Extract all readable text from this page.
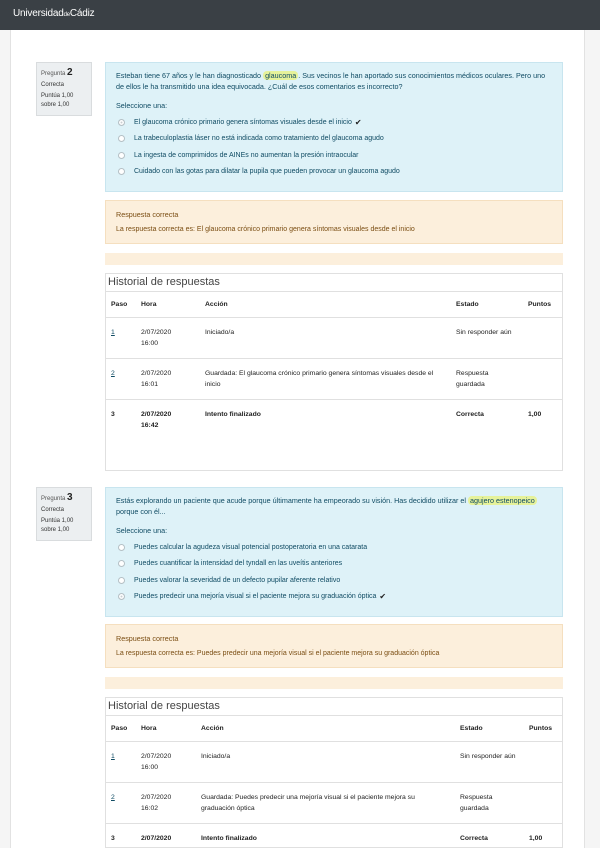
UniversidaddeCádiz
Pregunta 2
Correcta
Puntúa 1,00
sobre 1,00
Esteban tiene 67 años y le han diagnosticado glaucoma . Sus vecinos le han aportado sus conocimientos médicos oculares. Pero uno de ellos le ha transmitido una idea equivocada. ¿Cuál de esos comentarios es incorrecto?
Seleccione una:
El glaucoma crónico primario genera síntomas visuales desde el inicio ✔
La trabeculoplastia láser no está indicada como tratamiento del glaucoma agudo
La ingesta de comprimidos de AINEs no aumentan la presión intraocular
Cuidado con las gotas para dilatar la pupila que pueden provocar un glaucoma agudo
Respuesta correcta
La respuesta correcta es: El glaucoma crónico primario genera síntomas visuales desde el inicio
Historial de respuestas
Paso	Hora	Acción	Estado	Puntos
1	2/07/2020
16:00	Iniciado/a	Sin responder aún	
2	2/07/2020
16:01	Guardada: El glaucoma crónico primario genera síntomas visuales desde el inicio	Respuesta guardada	
3	2/07/2020
16:42	Intento finalizado	Correcta	1,00
Pregunta 3
Correcta
Puntúa 1,00
sobre 1,00
Estás explorando un paciente que acude porque últimamente ha empeorado su visión. Has decidido utilizar el agujero estenopeico porque con él...
Seleccione una:
Puedes calcular la agudeza visual potencial postoperatoria en una catarata
Puedes cuantificar la intensidad del tyndall en las uveítis anteriores
Puedes valorar la severidad de un defecto pupilar aferente relativo
Puedes predecir una mejoría visual si el paciente mejora su graduación óptica ✔
Respuesta correcta
La respuesta correcta es: Puedes predecir una mejoría visual si el paciente mejora su graduación óptica
Historial de respuestas
Paso	Hora	Acción	Estado	Puntos
1	2/07/2020
16:00	Iniciado/a	Sin responder aún	
2	2/07/2020
16:02	Guardada: Puedes predecir una mejoría visual si el paciente mejora su graduación óptica	Respuesta guardada	
3	2/07/2020	Intento finalizado	Correcta	1,00
